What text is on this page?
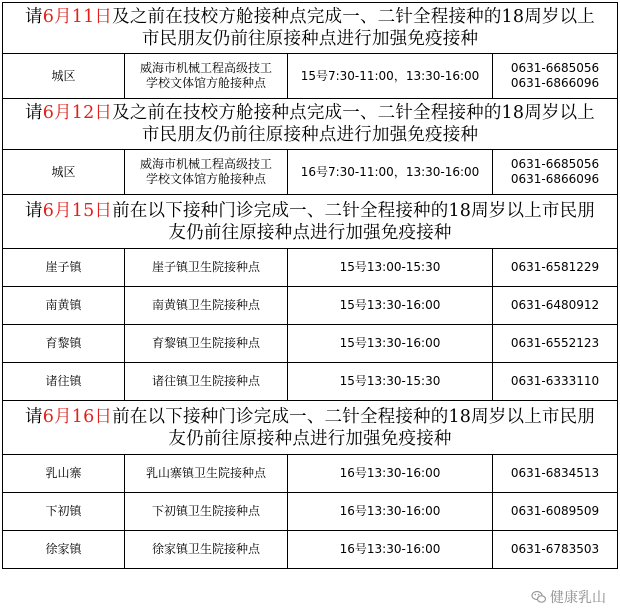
请6月11日及之前在技校方舱接种点完成一、二针全程接种的18周岁以上
市民朋友仍前往原接种点进行加强免疫接种			
城区	威海市机械工程高级技工
学校文体馆方舱接种点	15号7:30-11:00，13:30-16:00	0631-6685056
0631-6866096
请6月12日及之前在技校方舱接种点完成一、二针全程接种的18周岁以上
市民朋友仍前往原接种点进行加强免疫接种			
城区	威海市机械工程高级技工
学校文体馆方舱接种点	16号7:30-11:00，13:30-16:00	0631-6685056
0631-6866096
请6月15日前在以下接种门诊完成一、二针全程接种的18周岁以上市民朋
友仍前往原接种点进行加强免疫接种			
崖子镇	崖子镇卫生院接种点	15号13:00-15:30	0631-6581229
南黄镇	南黄镇卫生院接种点	15号13:30-16:00	0631-6480912
育黎镇	育黎镇卫生院接种点	15号13:30-16:00	0631-6552123
诸往镇	诸往镇卫生院接种点	15号13:30-15:30	0631-6333110
请6月16日前在以下接种门诊完成一、二针全程接种的18周岁以上市民朋
友仍前往原接种点进行加强免疫接种			
乳山寨	乳山寨镇卫生院接种点	16号13:30-16:00	0631-6834513
下初镇	下初镇卫生院接种点	16号13:30-16:00	0631-6089509
徐家镇	徐家镇卫生院接种点	16号13:30-16:00	0631-6783503
健康乳山
